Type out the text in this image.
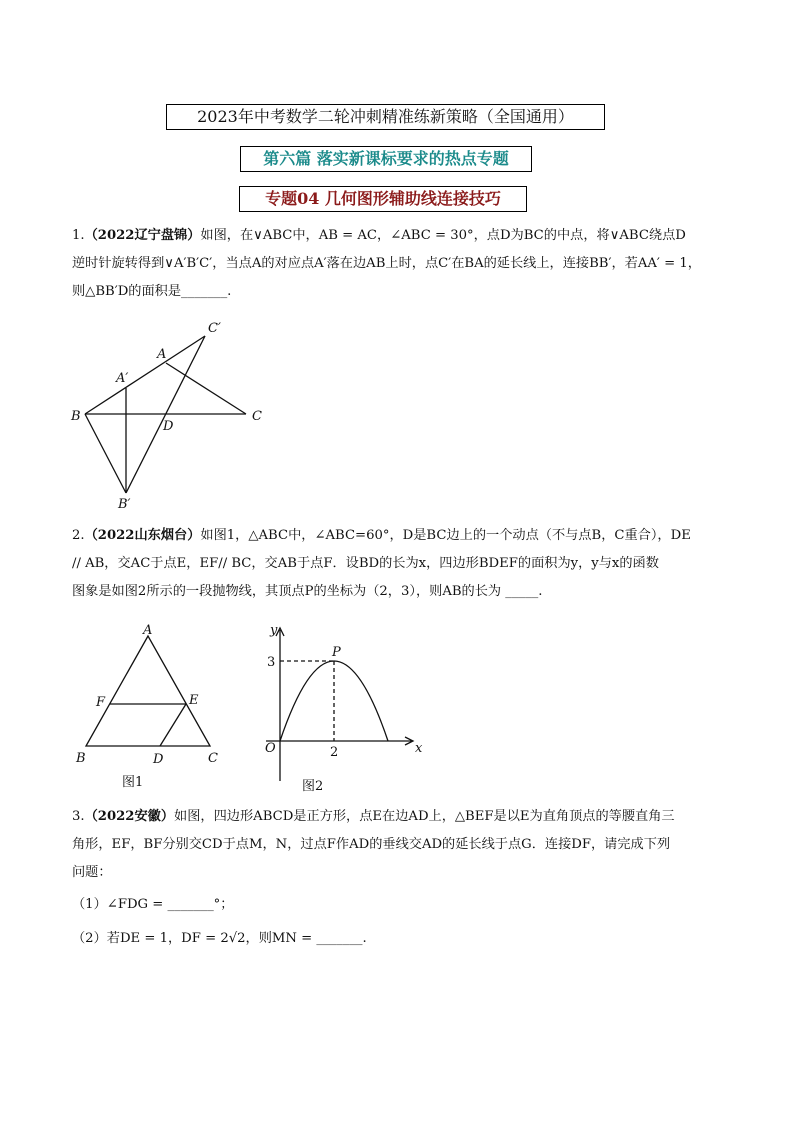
2023年中考数学二轮冲刺精准练新策略（全国通用）
第六篇 落实新课标要求的热点专题
专题04 几何图形辅助线连接技巧

1.（2022辽宁盘锦）如图，在∨ABC中，AB = AC，∠ABC = 30°，点D为BC的中点，将∨ABC绕点D

逆时针旋转得到∨A′B′C′，当点A的对应点A′落在边AB上时，点C′在BA的延长线上，连接BB′，若AA′ = 1，

则△BB′D的面积是_______.

C′
A
A′
B
D
C
B′

2.（2022山东烟台）如图1，△ABC中，∠ABC=60°，D是BC边上的一个动点（不与点B，C重合），DE

// AB，交AC于点E，EF// BC，交AB于点F．设BD的长为x，四边形BDEF的面积为y，y与x的函数

图象是如图2所示的一段抛物线，其顶点P的坐标为（2，3），则AB的长为 _____.

A
F	E
B	D	C
图1
y
P
3
O	2	x
图2

3.（2022安徽）如图，四边形ABCD是正方形，点E在边AD上，△BEF是以E为直角顶点的等腰直角三

角形，EF，BF分别交CD于点M，N，过点F作AD的垂线交AD的延长线于点G．连接DF，请完成下列

问题：

（1）∠FDG = _______°；

（2）若DE = 1，DF = 2√2，则MN = _______.
